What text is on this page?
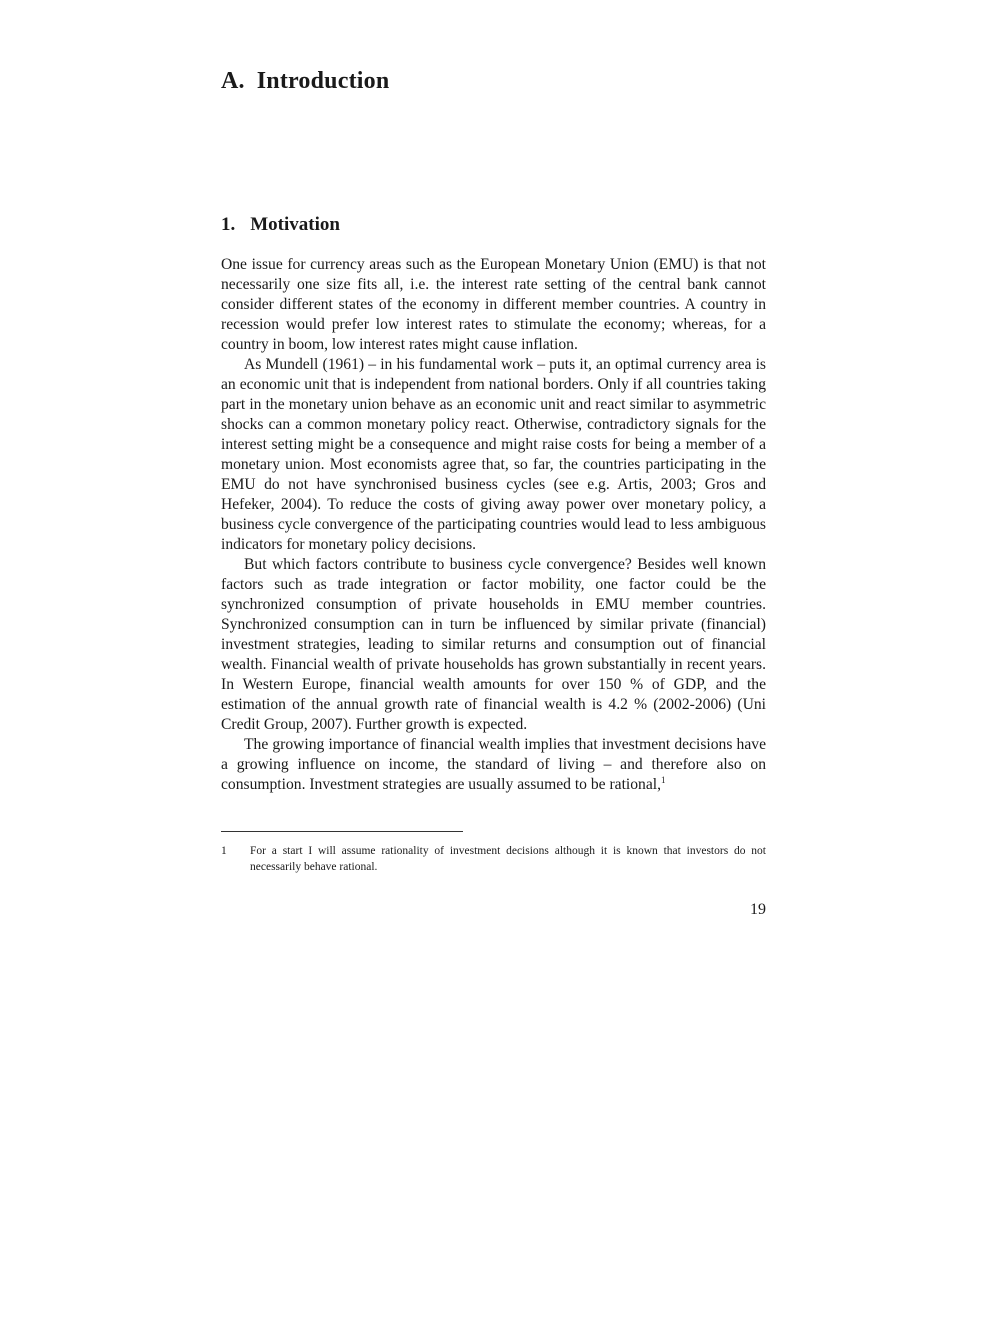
A. Introduction
1. Motivation

One issue for currency areas such as the European Monetary Union (EMU) is that not necessarily one size fits all, i.e. the interest rate setting of the central bank cannot consider different states of the economy in different member countries. A country in recession would prefer low interest rates to stimulate the economy; whereas, for a country in boom, low interest rates might cause inflation.

As Mundell (1961) – in his fundamental work – puts it, an optimal currency area is an economic unit that is independent from national borders. Only if all countries taking part in the monetary union behave as an economic unit and react similar to asymmetric shocks can a common monetary policy react. Otherwise, contradictory signals for the interest setting might be a consequence and might raise costs for being a member of a monetary union. Most economists agree that, so far, the countries participating in the EMU do not have synchronised business cycles (see e.g. Artis, 2003; Gros and Hefeker, 2004). To reduce the costs of giving away power over monetary policy, a business cycle convergence of the participating countries would lead to less ambiguous indicators for monetary policy decisions.

But which factors contribute to business cycle convergence? Besides well known factors such as trade integration or factor mobility, one factor could be the synchronized consumption of private households in EMU member countries. Synchronized consumption can in turn be influenced by similar private (financial) investment strategies, leading to similar returns and consumption out of financial wealth. Financial wealth of private households has grown substantially in recent years. In Western Europe, financial wealth amounts for over 150 % of GDP, and the estimation of the annual growth rate of financial wealth is 4.2 % (2002-2006) (Uni Credit Group, 2007). Further growth is expected.

The growing importance of financial wealth implies that investment decisions have a growing influence on income, the standard of living – and therefore also on consumption. Investment strategies are usually assumed to be rational,$^1$

1	For a start I will assume rationality of investment decisions although it is known that investors do not necessarily behave rational.
19
